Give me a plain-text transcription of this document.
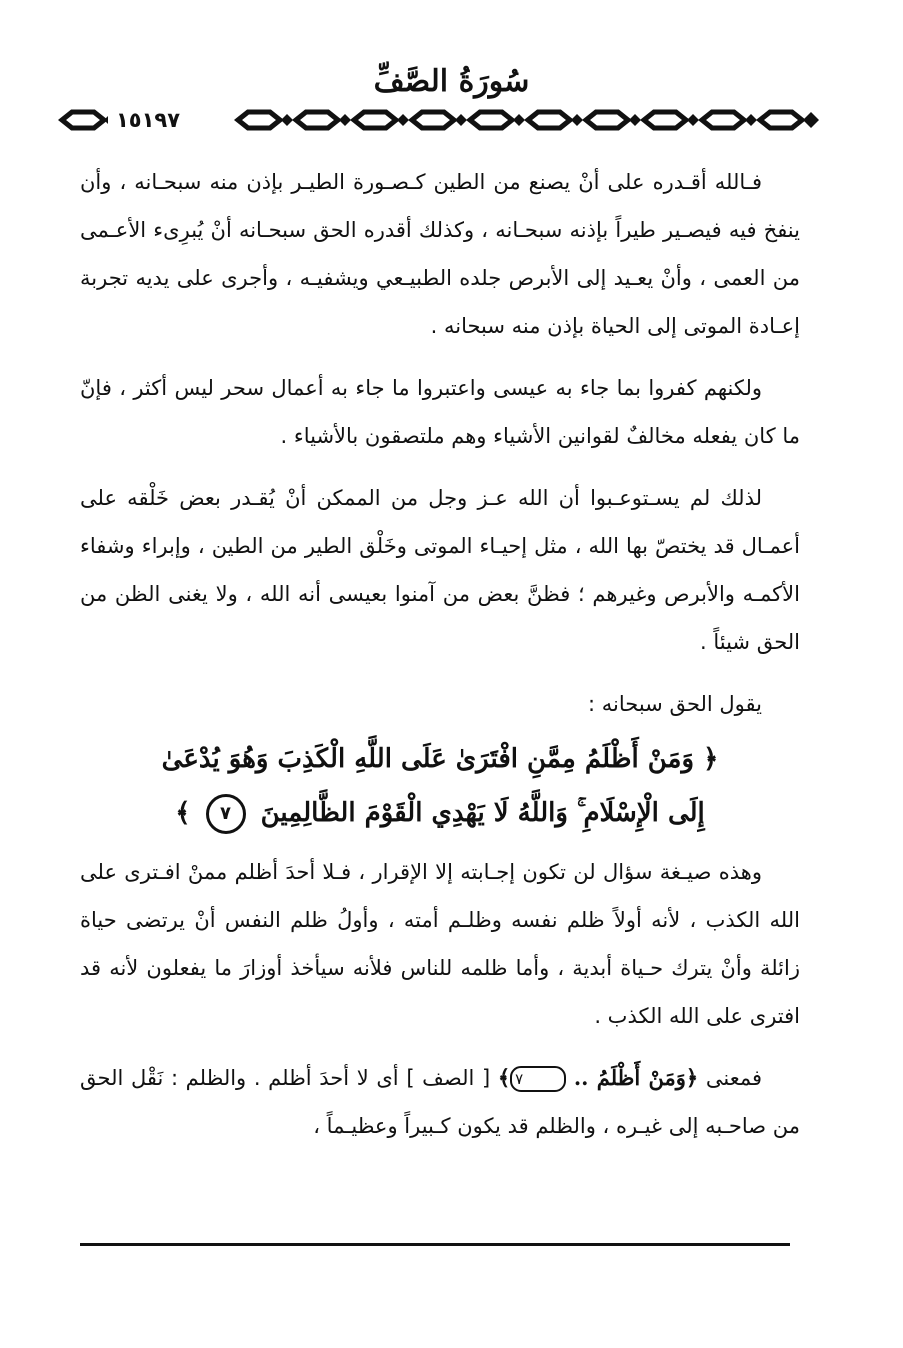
سُورَةُ الصَّفِّ
١٥١٩٧

فـالله أقـدره على أنْ يصنع من الطين كـصـورة الطيـر بإذن منه سبحـانه ، وأن ينفخ فيه فيصـير طيراً بإذنه سبحـانه ، وكذلك أقدره الحق سبحـانه أنْ يُبرِىء الأعـمى من العمى ، وأنْ يعـيد إلى الأبرص جلده الطبيـعي ويشفيـه ، وأجرى على يديه تجربة إعـادة الموتى إلى الحياة بإذن منه سبحانه .

ولكنهم كفروا بما جاء به عيسى واعتبروا ما جاء به أعمال سحر ليس أكثر ، فإنّ ما كان يفعله مخالفٌ لقوانين الأشياء وهم ملتصقون بالأشياء .

لذلك لم يسـتوعـبوا أن الله عـز وجل من الممكن أنْ يُقـدر بعض خَلْقه على أعمـال قد يختصّ بها الله ، مثل إحيـاء الموتى وخَلْق الطير من الطين ، وإبراء وشفاء الأكمـه والأبرص وغيرهم ؛ فظنَّ بعض من آمنوا بعيسى أنه الله ، ولا يغنى الظن من الحق شيئاً .

يقول الحق سبحانه :

﴿ وَمَنْ أَظْلَمُ مِمَّنِ افْتَرَىٰ عَلَى اللَّهِ الْكَذِبَ وَهُوَ يُدْعَىٰ
إِلَى الْإِسْلَامِ ۚ وَاللَّهُ لَا يَهْدِي الْقَوْمَ الظَّالِمِينَ ٧ ﴾

وهذه صيـغة سؤال لن تكون إجـابته إلا الإقرار ، فـلا أحدَ أظلم ممنْ افـترى على الله الكذب ، لأنه أولاً ظلم نفسه وظلـم أمته ، وأولُ ظلم النفس أنْ يرتضى حياة زائلة وأنْ يترك حـياة أبدية ، وأما ظلمه للناس فلأنه سيأخذ أوزارَ ما يفعلون لأنه قد افترى على الله الكذب .

فمعنى ﴿وَمَنْ أَظْلَمُ .. ٧﴾ [ الصف ] أى لا أحدَ أظلم . والظلم : نَقْل الحق من صاحـبه إلى غيـره ، والظلم قد يكون كـبيراً وعظيـماً ،
